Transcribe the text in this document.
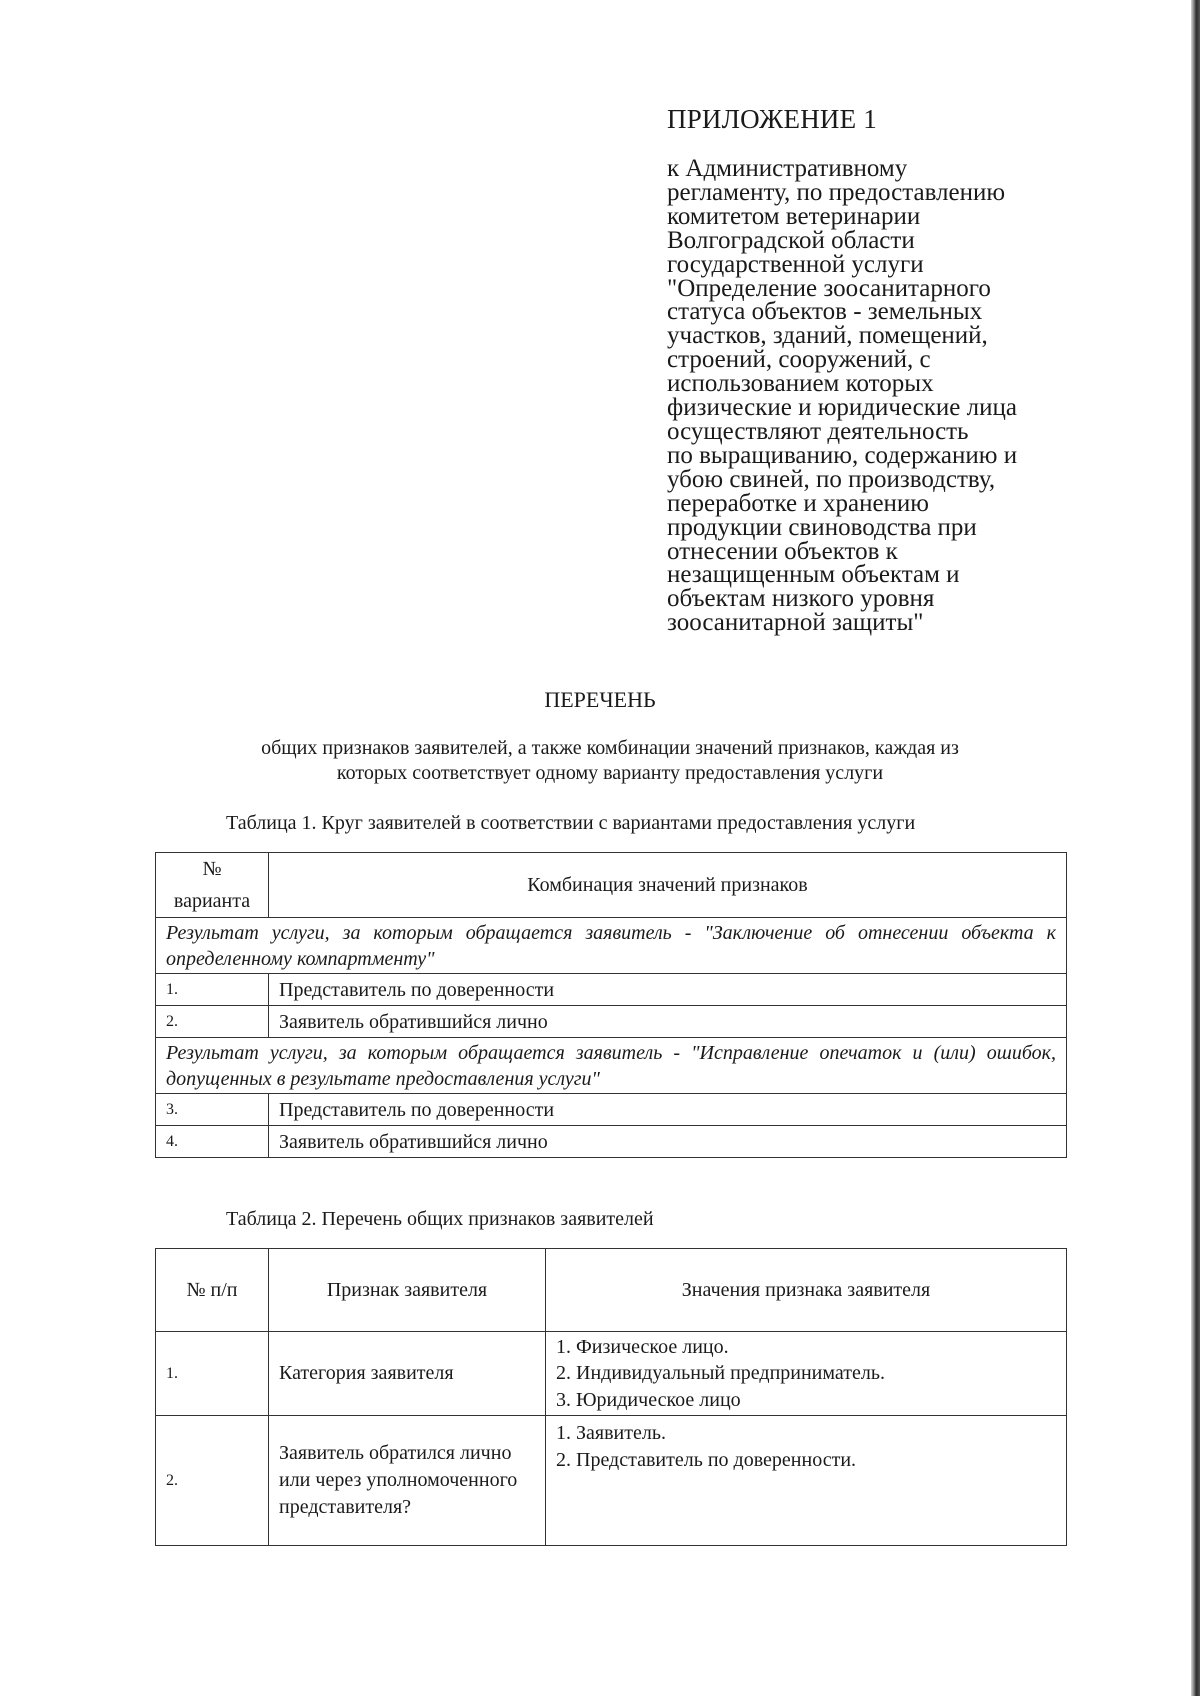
ПРИЛОЖЕНИЕ 1

к Административному
регламенту, по предоставлению
комитетом ветеринарии
Волгоградской области
государственной услуги
"Определение зоосанитарного
статуса объектов - земельных
участков, зданий, помещений,
строений, сооружений, с
использованием которых
физические и юридические лица
осуществляют деятельность
по выращиванию, содержанию и
убою свиней, по производству,
переработке и хранению
продукции свиноводства при
отнесении объектов к
незащищенным объектам и
объектам низкого уровня
зоосанитарной защиты"

ПЕРЕЧЕНЬ

общих признаков заявителей, а также комбинации значений признаков, каждая из
которых соответствует одному варианту предоставления услуги

Таблица 1. Круг заявителей в соответствии с вариантами предоставления услуги

№
варианта	Комбинация значений признаков
Результат услуги, за которым обращается заявитель - "Заключение об отнесении объекта к определенному компартменту"	
1.	Представитель по доверенности
2.	Заявитель обратившийся лично
Результат услуги, за которым обращается заявитель - "Исправление опечаток и (или) ошибок, допущенных в результате предоставления услуги"	
3.	Представитель по доверенности
4.	Заявитель обратившийся лично

Таблица 2. Перечень общих признаков заявителей

№ п/п	Признак заявителя	Значения признака заявителя
1.	Категория заявителя	1. Физическое лицо.
2. Индивидуальный предприниматель.
3. Юридическое лицо
2.	Заявитель обратился лично или через уполномоченного представителя?	1. Заявитель.
2. Представитель по доверенности.
